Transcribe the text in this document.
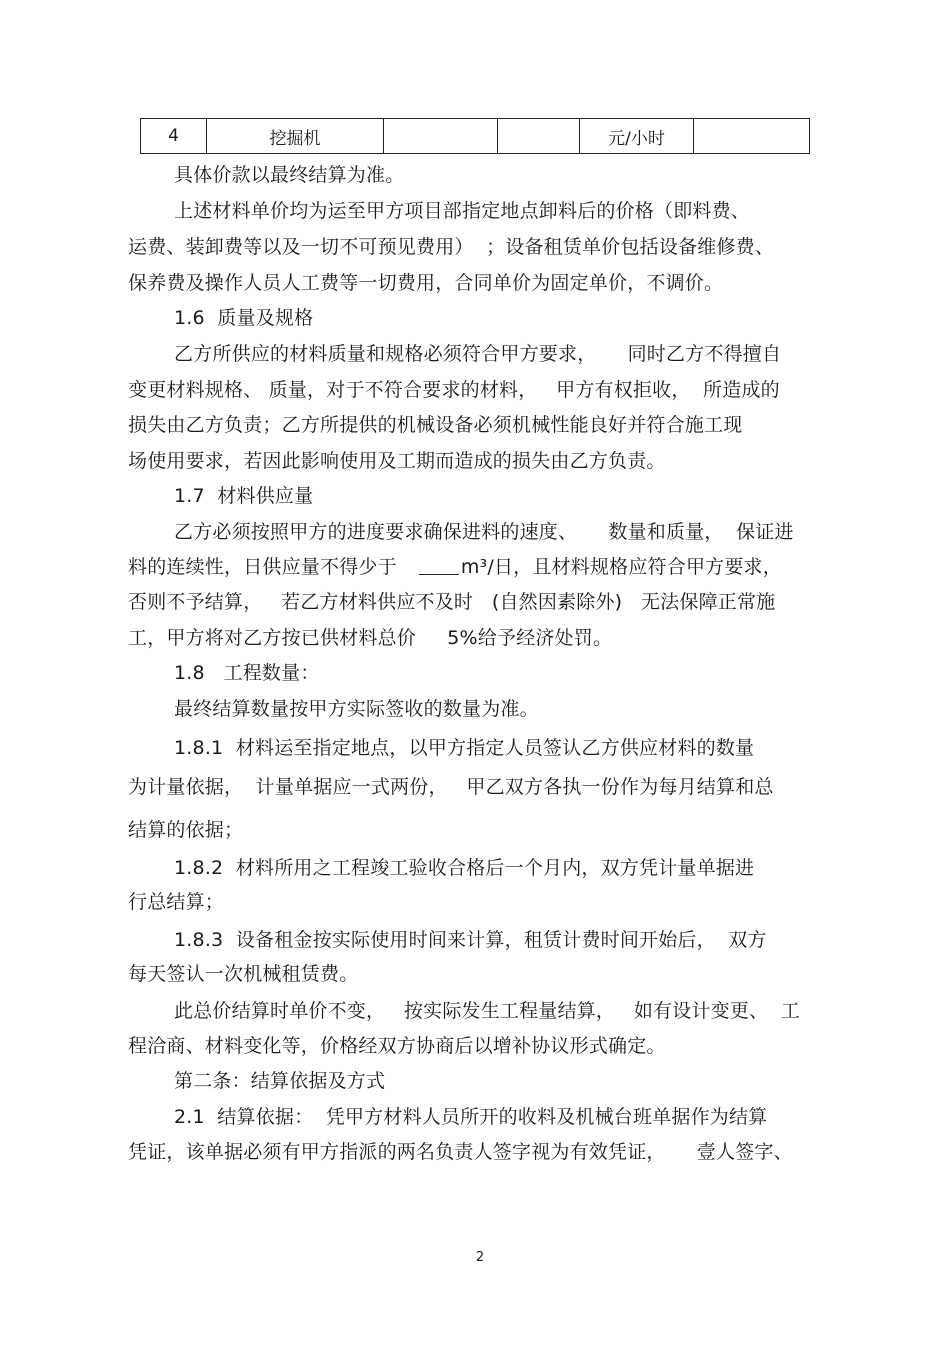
4	挖掘机			元/小时	
具体价款以最终结算为准。
上述材料单价均为运至甲方项目部指定地点卸料后的价格（即料费、
运费、装卸费等以及一切不可预见费用）  ；设备租赁单价包括设备维修费、
保养费及操作人员人工费等一切费用，合同单价为固定单价，不调价。
1.6  质量及规格
乙方所供应的材料质量和规格必须符合甲方要求，     同时乙方不得擅自
变更材料规格、 质量，对于不符合要求的材料，   甲方有权拒收，  所造成的
损失由乙方负责；乙方所提供的机械设备必须机械性能良好并符合施工现
场使用要求，若因此影响使用及工期而造成的损失由乙方负责。
1.7  材料供应量
乙方必须按照甲方的进度要求确保进料的速度、     数量和质量，  保证进
料的连续性，日供应量不得少于	m³/日，且材料规格应符合甲方要求，
否则不予结算，   若乙方材料供应不及时   (自然因素除外)   无法保障正常施
工，甲方将对乙方按已供材料总价     5%给予经济处罚。
1.8   工程数量：
最终结算数量按甲方实际签收的数量为准。
1.8.1  材料运至指定地点，以甲方指定人员签认乙方供应材料的数量
为计量依据，  计量单据应一式两份，   甲乙双方各执一份作为每月结算和总
结算的依据；
1.8.2  材料所用之工程竣工验收合格后一个月内，双方凭计量单据进
行总结算；
1.8.3  设备租金按实际使用时间来计算，租赁计费时间开始后，  双方
每天签认一次机械租赁费。
此总价结算时单价不变，   按实际发生工程量结算，   如有设计变更、  工
程洽商、材料变化等，价格经双方协商后以增补协议形式确定。
第二条：结算依据及方式
2.1  结算依据：  凭甲方材料人员所开的收料及机械台班单据作为结算
凭证，该单据必须有甲方指派的两名负责人签字视为有效凭证，     壹人签字、
2
